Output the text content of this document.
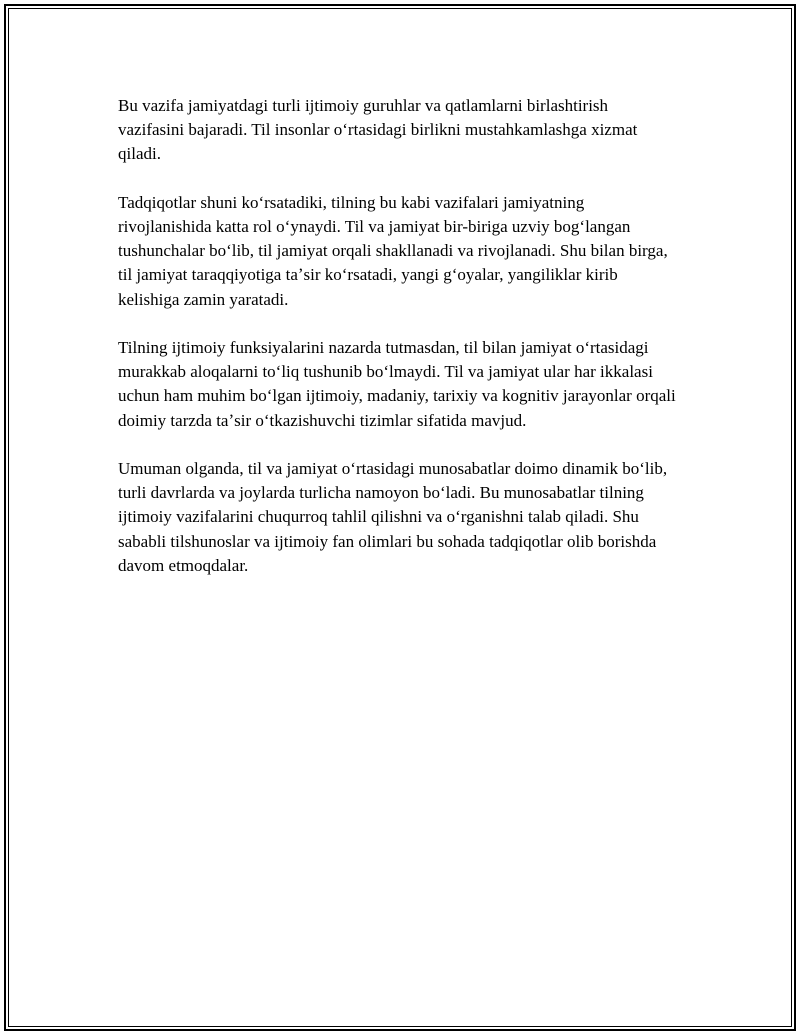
Bu vazifa jamiyatdagi turli ijtimoiy guruhlar va qatlamlarni birlashtirish vazifasini bajaradi. Til insonlar oʻrtasidagi birlikni mustahkamlashga xizmat qiladi.

Tadqiqotlar shuni koʻrsatadiki, tilning bu kabi vazifalari jamiyatning rivojlanishida katta rol oʻynaydi. Til va jamiyat bir-biriga uzviy bogʻlangan tushunchalar boʻlib, til jamiyat orqali shakllanadi va rivojlanadi. Shu bilan birga, til jamiyat taraqqiyotiga taʼsir koʻrsatadi, yangi gʻoyalar, yangiliklar kirib kelishiga zamin yaratadi.

Tilning ijtimoiy funksiyalarini nazarda tutmasdan, til bilan jamiyat oʻrtasidagi murakkab aloqalarni toʻliq tushunib boʻlmaydi. Til va jamiyat ular har ikkalasi uchun ham muhim boʻlgan ijtimoiy, madaniy, tarixiy va kognitiv jarayonlar orqali doimiy tarzda taʼsir oʻtkazishuvchi tizimlar sifatida mavjud.

Umuman olganda, til va jamiyat oʻrtasidagi munosabatlar doimo dinamik boʻlib, turli davrlarda va joylarda turlicha namoyon boʻladi. Bu munosabatlar tilning ijtimoiy vazifalarini chuqurroq tahlil qilishni va oʻrganishni talab qiladi. Shu sababli tilshunoslar va ijtimoiy fan olimlari bu sohada tadqiqotlar olib borishda davom etmoqdalar.
